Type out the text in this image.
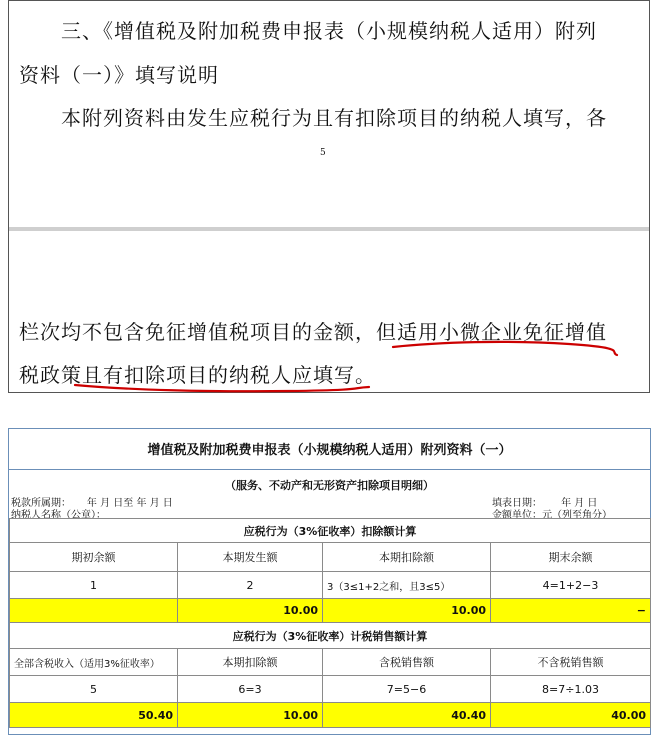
三、《增值税及附加税费申报表（小规模纳税人适用）附列
资料（一）》填写说明
本附列资料由发生应税行为且有扣除项目的纳税人填写，各
5
栏次均不包含免征增值税项目的金额，但适用小微企业免征增值
税政策且有扣除项目的纳税人应填写。
增值税及附加税费申报表（小规模纳税人适用）附列资料（一）
（服务、不动产和无形资产扣除项目明细）
税款所属期： 年 月 日至 年 月 日	填表日期： 年 月 日
纳税人名称（公章）：	金额单位：元（列至角分）
应税行为（3%征收率）扣除额计算			
期初余额	本期发生额	本期扣除额	期末余额
1	2	3（3≤1+2之和，且3≤5）	4=1+2−3
	10.00	10.00	−
应税行为（3%征收率）计税销售额计算			
全部含税收入（适用3%征收率）	本期扣除额	含税销售额	不含税销售额
5	6=3	7=5−6	8=7÷1.03
50.40	10.00	40.40	40.00
